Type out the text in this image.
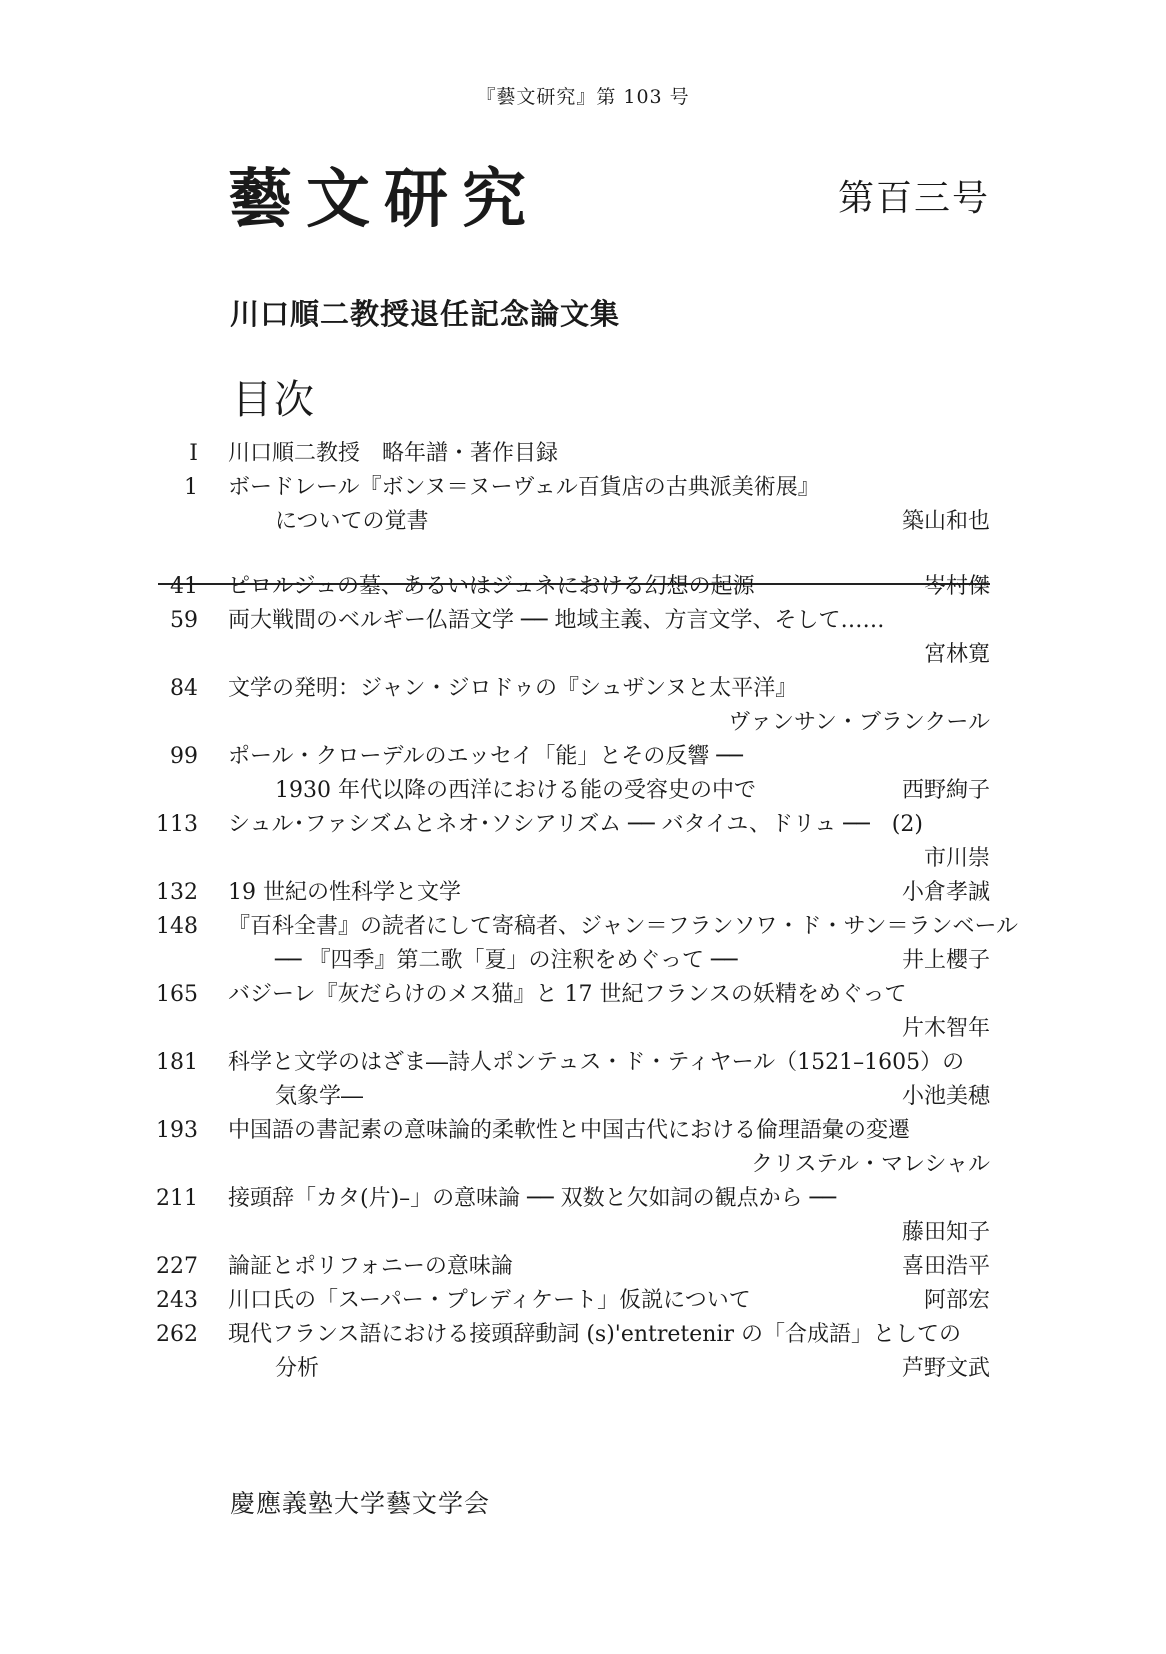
『藝文研究』第 103 号
藝文研究	第百三号
川口順二教授退任記念論文集
目次
I 川口順二教授　略年譜・著作目録
1 ボードレール『ボンヌ＝ヌーヴェル百貨店の古典派美術展』
についての覚書	築山和也
41 ピロルジュの墓、あるいはジュネにおける幻想の起源	岑村傑
59 両大戦間のベルギー仏語文学 ── 地域主義、方言文学、そして……
宮林寛
84 文学の発明：ジャン・ジロドゥの『シュザンヌと太平洋』
ヴァンサン・ブランクール
99 ポール・クローデルのエッセイ「能」とその反響 ──
1930 年代以降の西洋における能の受容史の中で	西野絢子
113 シュル･ファシズムとネオ･ソシアリズム ── バタイユ、ドリュ ──　(2)
市川崇
132 19 世紀の性科学と文学	小倉孝誠
148 『百科全書』の読者にして寄稿者、ジャン＝フランソワ・ド・サン＝ランベール
── 『四季』第二歌「夏」の注釈をめぐって ──	井上櫻子
165 バジーレ『灰だらけのメス猫』と 17 世紀フランスの妖精をめぐって
片木智年
181 科学と文学のはざま―詩人ポンテュス・ド・ティヤール（1521–1605）の
気象学―	小池美穂
193 中国語の書記素の意味論的柔軟性と中国古代における倫理語彙の変遷
クリステル・マレシャル
211 接頭辞「カタ(片)–」の意味論 ── 双数と欠如詞の観点から ──
藤田知子
227 論証とポリフォニーの意味論	喜田浩平
243 川口氏の「スーパー・プレディケート」仮説について	阿部宏
262 現代フランス語における接頭辞動詞 (s)'entretenir の「合成語」としての
分析	芦野文武
慶應義塾大学藝文学会
